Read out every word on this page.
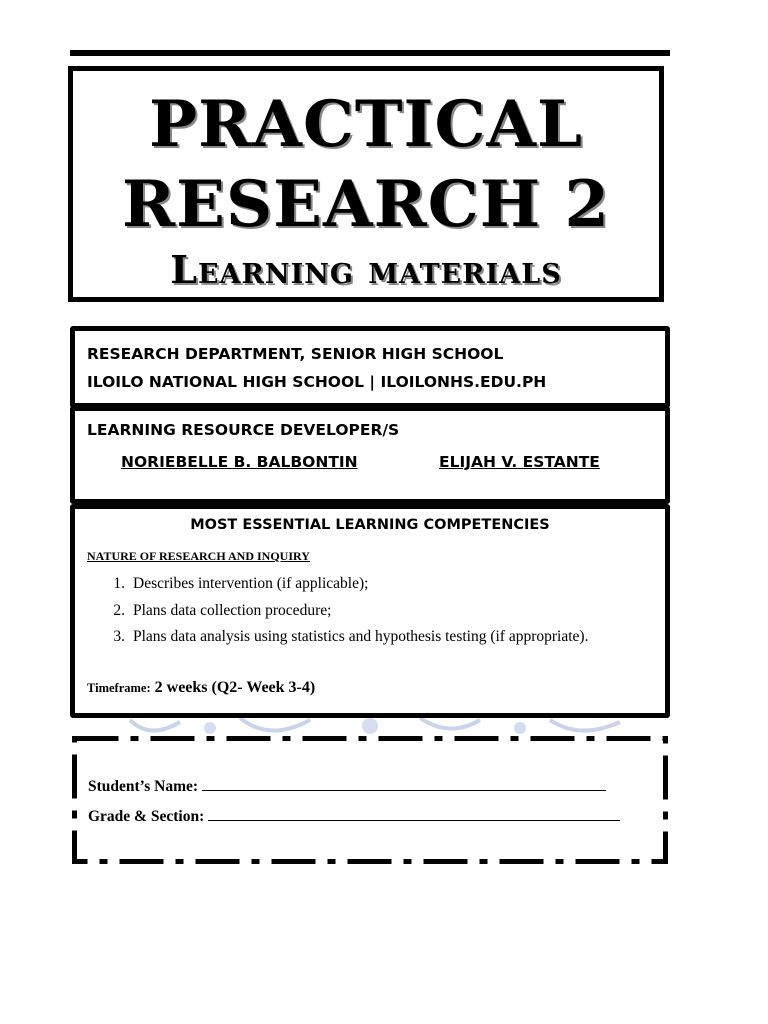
PRACTICAL
RESEARCH 2
Learning materials
RESEARCH DEPARTMENT, SENIOR HIGH SCHOOL
ILOILO NATIONAL HIGH SCHOOL | ILOILONHS.EDU.PH
LEARNING RESOURCE DEVELOPER/S
NORIEBELLE B. BALBONTIN	ELIJAH V. ESTANTE
MOST ESSENTIAL LEARNING COMPETENCIES
NATURE OF RESEARCH AND INQUIRY
1. Describes intervention (if applicable);
2. Plans data collection procedure;
3. Plans data analysis using statistics and hypothesis testing (if appropriate).
Timeframe: 2 weeks (Q2- Week 3-4)
Student’s Name:
Grade & Section:
